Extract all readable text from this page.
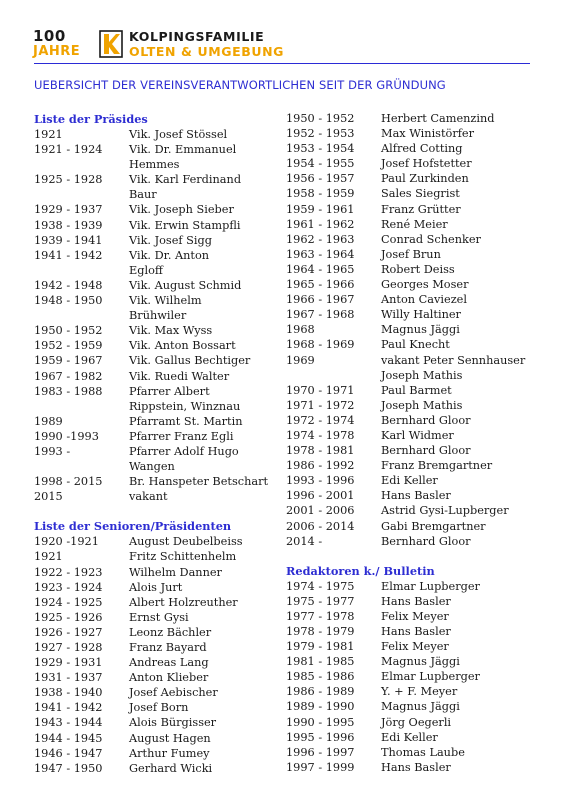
100
JAHRE
KOLPINGSFAMILIE
OLTEN & UMGEBUNG
UEBERSICHT DER VEREINSVERANTWORTLICHEN SEIT DER GRÜNDUNG
Liste der Präsides
1921	Vik. Josef Stössel
1921 - 1924	Vik. Dr. Emmanuel
Hemmes
1925 - 1928	Vik. Karl Ferdinand
Baur
1929 - 1937	Vik. Joseph Sieber
1938 - 1939	Vik. Erwin Stampfli
1939 - 1941	Vik. Josef Sigg
1941 - 1942	Vik. Dr. Anton
Egloff
1942 - 1948	Vik. August Schmid
1948 - 1950	Vik. Wilhelm
Brühwiler
1950 - 1952	Vik. Max Wyss
1952 - 1959	Vik. Anton Bossart
1959 - 1967	Vik. Gallus Bechtiger
1967 - 1982	Vik. Ruedi Walter
1983 - 1988	Pfarrer Albert
Rippstein, Winznau
1989	Pfarramt St. Martin
1990 -1993	Pfarrer Franz Egli
1993 -	Pfarrer Adolf Hugo
Wangen
1998 - 2015	Br. Hanspeter Betschart
2015	vakant
Liste der Senioren/Präsidenten
1920 -1921	August Deubelbeiss
1921	Fritz Schittenhelm
1922 - 1923	Wilhelm Danner
1923 - 1924	Alois Jurt
1924 - 1925	Albert Holzreuther
1925 - 1926	Ernst Gysi
1926 - 1927	Leonz Bächler
1927 - 1928	Franz Bayard
1929 - 1931	Andreas Lang
1931 - 1937	Anton Klieber
1938 - 1940	Josef Aebischer
1941 - 1942	Josef Born
1943 - 1944	Alois Bürgisser
1944 - 1945	August Hagen
1946 - 1947	Arthur Fumey
1947 - 1950	Gerhard Wicki
1950 - 1952	Herbert Camenzind
1952 - 1953	Max Winistörfer
1953 - 1954	Alfred Cotting
1954 - 1955	Josef Hofstetter
1956 - 1957	Paul Zurkinden
1958 - 1959	Sales Siegrist
1959 - 1961	Franz Grütter
1961 - 1962	René Meier
1962 - 1963	Conrad Schenker
1963 - 1964	Josef Brun
1964 - 1965	Robert Deiss
1965 - 1966	Georges Moser
1966 - 1967	Anton Caviezel
1967 - 1968	Willy Haltiner
1968	Magnus Jäggi
1968 - 1969	Paul Knecht
1969	vakant Peter Sennhauser
Joseph Mathis
1970 - 1971	Paul Barmet
1971 - 1972	Joseph Mathis
1972 - 1974	Bernhard Gloor
1974 - 1978	Karl Widmer
1978 - 1981	Bernhard Gloor
1986 - 1992	Franz Bremgartner
1993 - 1996	Edi Keller
1996 - 2001	Hans Basler
2001 - 2006	Astrid Gysi-Lupberger
2006 - 2014	Gabi Bremgartner
2014 -	Bernhard Gloor
Redaktoren k./ Bulletin
1974 - 1975	Elmar Lupberger
1975 - 1977	Hans Basler
1977 - 1978	Felix Meyer
1978 - 1979	Hans Basler
1979 - 1981	Felix Meyer
1981 - 1985	Magnus Jäggi
1985 - 1986	Elmar Lupberger
1986 - 1989	Y. + F. Meyer
1989 - 1990	Magnus Jäggi
1990 - 1995	Jörg Oegerli
1995 - 1996	Edi Keller
1996 - 1997	Thomas Laube
1997 - 1999	Hans Basler
